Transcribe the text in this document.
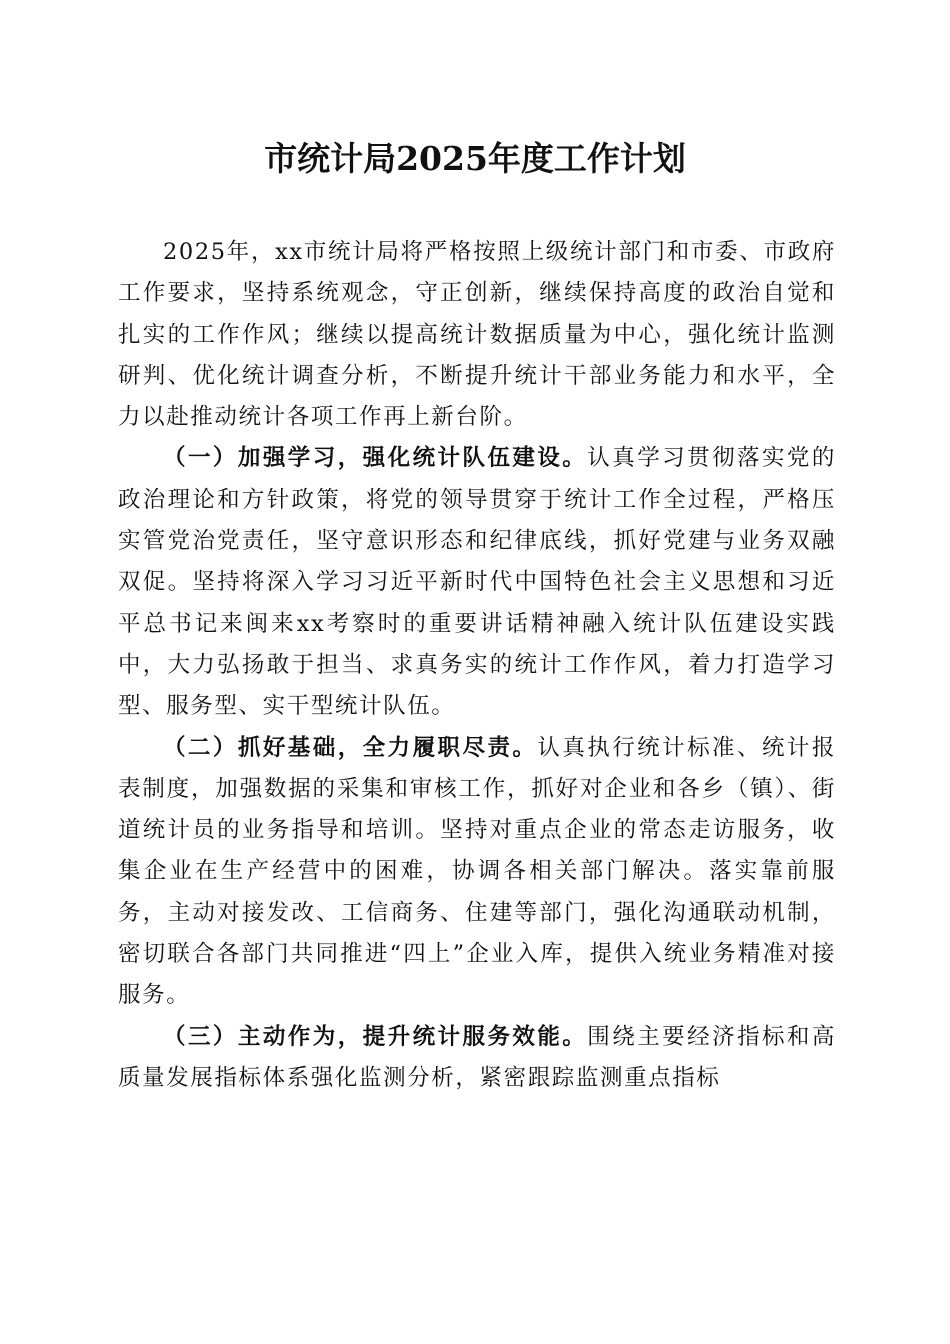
市统计局2025年度工作计划

2025年，xx市统计局将严格按照上级统计部门和市委、市政府工作要求，坚持系统观念，守正创新，继续保持高度的政治自觉和扎实的工作作风；继续以提高统计数据质量为中心，强化统计监测研判、优化统计调查分析，不断提升统计干部业务能力和水平，全力以赴推动统计各项工作再上新台阶。

（一）加强学习，强化统计队伍建设。认真学习贯彻落实党的政治理论和方针政策，将党的领导贯穿于统计工作全过程，严格压实管党治党责任，坚守意识形态和纪律底线，抓好党建与业务双融双促。坚持将深入学习习近平新时代中国特色社会主义思想和习近平总书记来闽来xx考察时的重要讲话精神融入统计队伍建设实践中，大力弘扬敢于担当、求真务实的统计工作作风，着力打造学习型、服务型、实干型统计队伍。

（二）抓好基础，全力履职尽责。认真执行统计标准、统计报表制度，加强数据的采集和审核工作，抓好对企业和各乡（镇）、街道统计员的业务指导和培训。坚持对重点企业的常态走访服务，收集企业在生产经营中的困难，协调各相关部门解决。落实靠前服务，主动对接发改、工信商务、住建等部门，强化沟通联动机制，密切联合各部门共同推进“四上”企业入库，提供入统业务精准对接服务。

（三）主动作为，提升统计服务效能。围绕主要经济指标和高质量发展指标体系强化监测分析，紧密跟踪监测重点指标
